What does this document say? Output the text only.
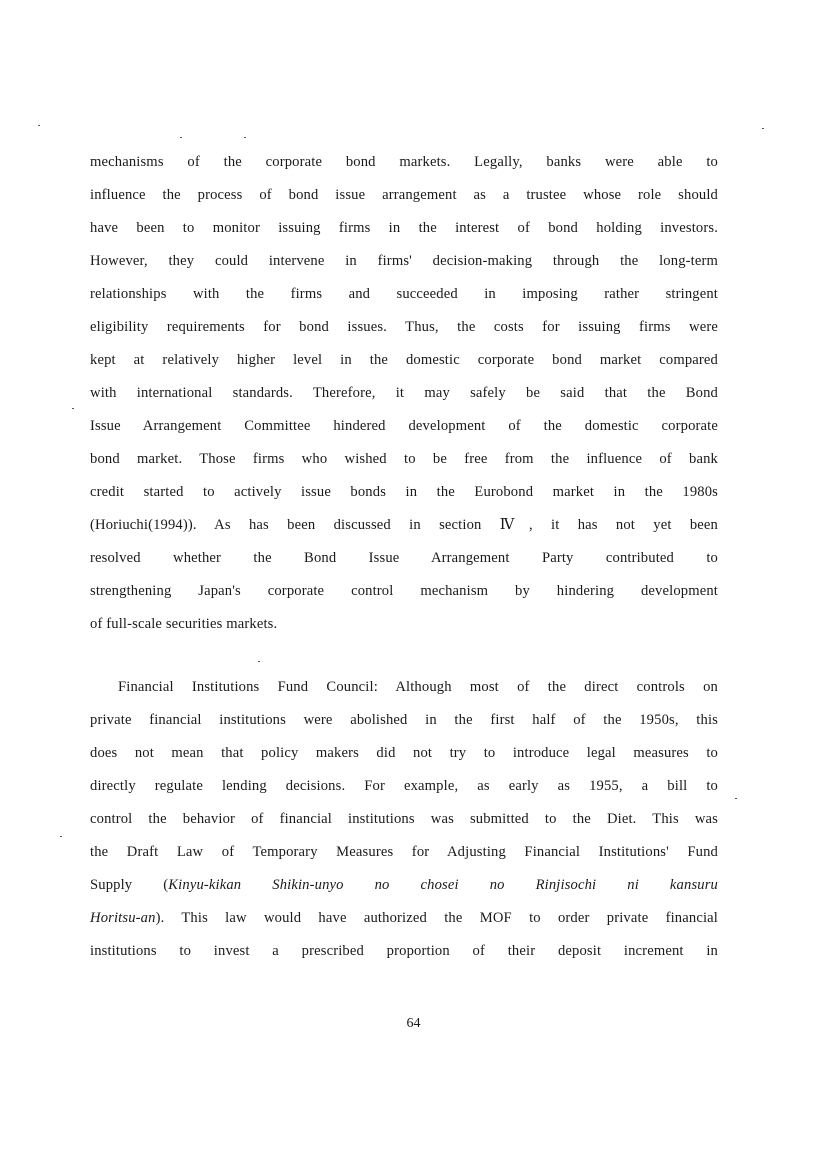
mechanisms of the corporate bond markets. Legally, banks were able to
influence the process of bond issue arrangement as a trustee whose role should
have been to monitor issuing firms in the interest of bond holding investors.
However, they could intervene in firms' decision-making through the long-term
relationships with the firms and succeeded in imposing rather stringent
eligibility requirements for bond issues. Thus, the costs for issuing firms were
kept at relatively higher level in the domestic corporate bond market compared
with international standards. Therefore, it may safely be said that the Bond
Issue Arrangement Committee hindered development of the domestic corporate
bond market. Those firms who wished to be free from the influence of bank
credit started to actively issue bonds in the Eurobond market in the 1980s
(Horiuchi(1994)). As has been discussed in section Ⅳ, it has not yet been
resolved whether the Bond Issue Arrangement Party contributed to
strengthening Japan's corporate control mechanism by hindering development
of full-scale securities markets.
Financial Institutions Fund Council: Although most of the direct controls on
private financial institutions were abolished in the first half of the 1950s, this
does not mean that policy makers did not try to introduce legal measures to
directly regulate lending decisions. For example, as early as 1955, a bill to
control the behavior of financial institutions was submitted to the Diet. This was
the Draft Law of Temporary Measures for Adjusting Financial Institutions' Fund
Supply (Kinyu-kikan Shikin-unyo no chosei no Rinjisochi ni kansuru
Horitsu-an). This law would have authorized the MOF to order private financial
institutions to invest a prescribed proportion of their deposit increment in
64
